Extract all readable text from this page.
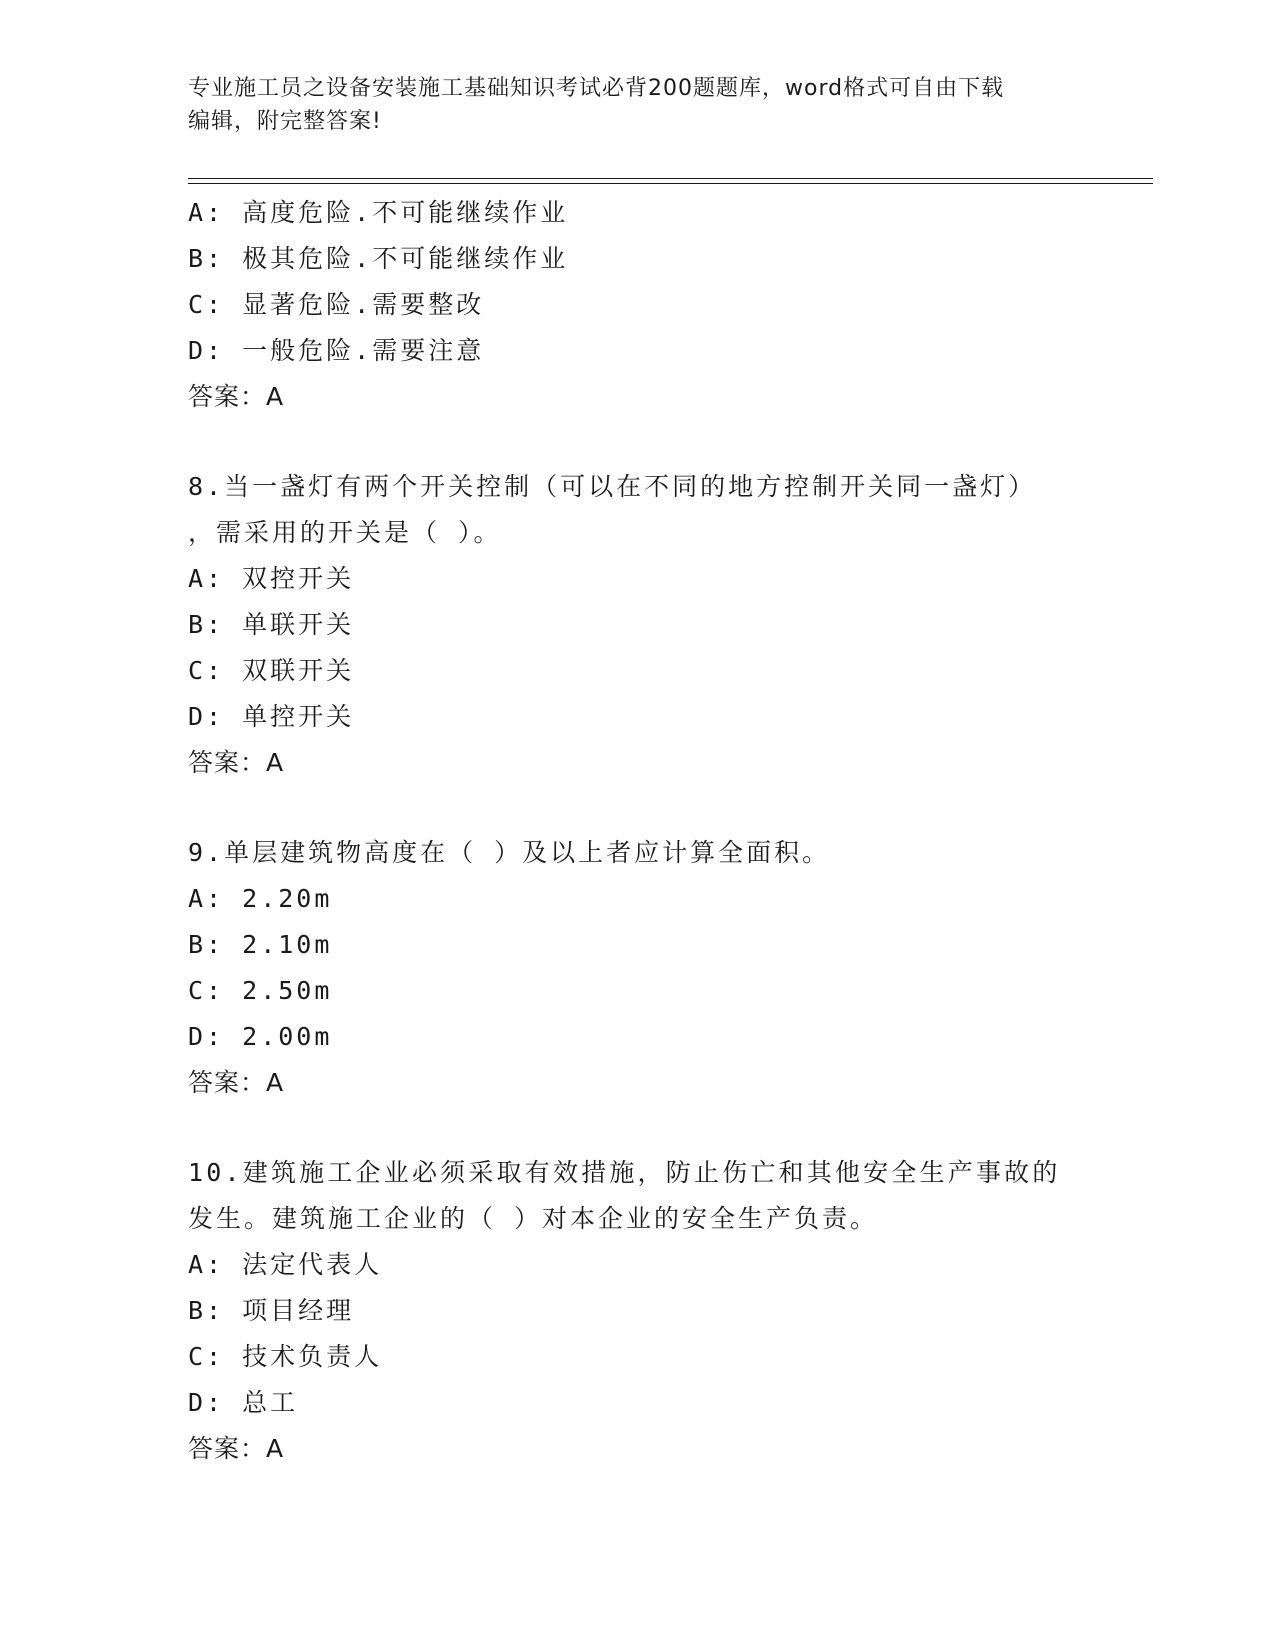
专业施工员之设备安装施工基础知识考试必背200题题库，word格式可自由下载
编辑，附完整答案!
A: 高度危险.不可能继续作业
B: 极其危险.不可能继续作业
C: 显著危险.需要整改
D: 一般危险.需要注意
答案：A
8.当一盏灯有两个开关控制（可以在不同的地方控制开关同一盏灯）
，需采用的开关是（ ）。
A: 双控开关
B: 单联开关
C: 双联开关
D: 单控开关
答案：A
9.单层建筑物高度在（ ）及以上者应计算全面积。
A: 2.20m
B: 2.10m
C: 2.50m
D: 2.00m
答案：A
10.建筑施工企业必须采取有效措施，防止伤亡和其他安全生产事故的
发生。建筑施工企业的（ ）对本企业的安全生产负责。
A: 法定代表人
B: 项目经理
C: 技术负责人
D: 总工
答案：A
